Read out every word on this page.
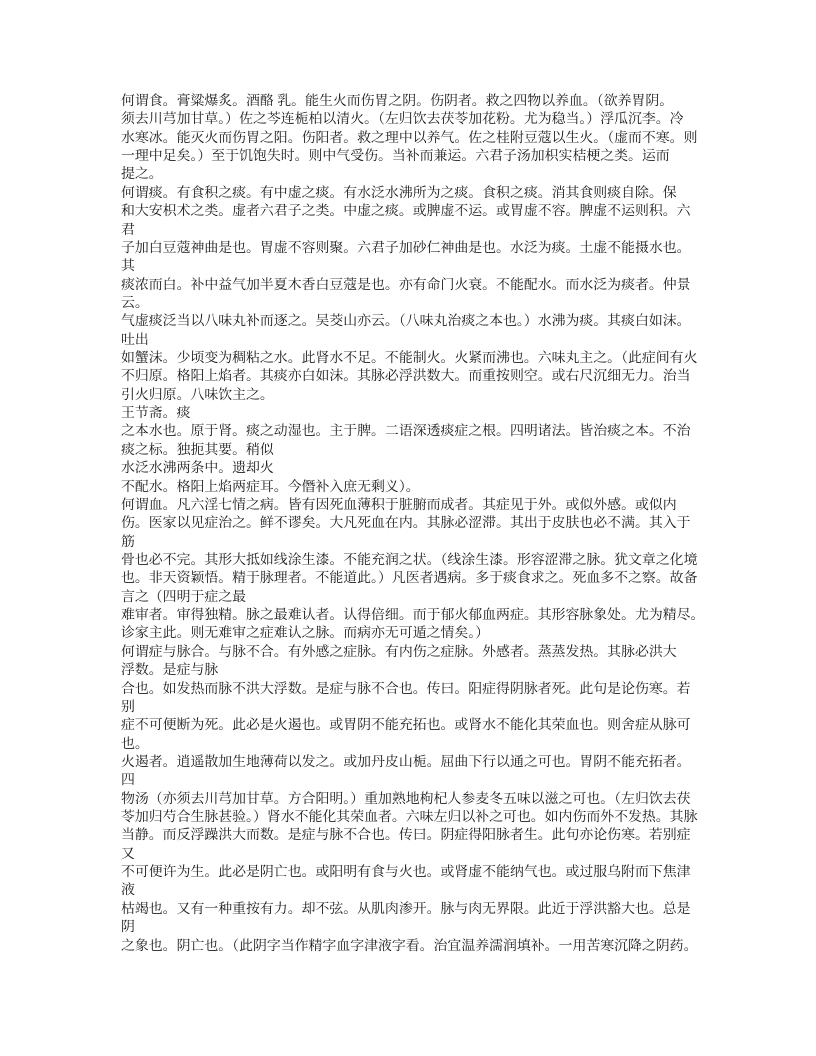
何谓食。膏粱爆炙。酒酪 乳。能生火而伤胃之阴。伤阴者。救之四物以养血。（欲养胃阴。
须去川芎加甘草。）佐之芩连栀柏以清火。（左归饮去茯苓加花粉。尤为稳当。）浮瓜沉李。冷
水寒冰。能灭火而伤胃之阳。伤阳者。救之理中以养气。佐之桂附豆蔻以生火。（虚而不寒。则
一理中足矣。）至于饥饱失时。则中气受伤。当补而兼运。六君子汤加枳实桔梗之类。运而
提之。
何谓痰。有食积之痰。有中虚之痰。有水泛水沸所为之痰。食积之痰。消其食则痰自除。保
和大安枳术之类。虚者六君子之类。中虚之痰。或脾虚不运。或胃虚不容。脾虚不运则积。六
君
子加白豆蔻神曲是也。胃虚不容则聚。六君子加砂仁神曲是也。水泛为痰。土虚不能摄水也。
其
痰浓而白。补中益气加半夏木香白豆蔻是也。亦有命门火衰。不能配水。而水泛为痰者。仲景
云。
气虚痰泛当以八味丸补而逐之。吴茭山亦云。（八味丸治痰之本也。）水沸为痰。其痰白如沫。
吐出
如蟹沫。少顷变为稠粘之水。此肾水不足。不能制火。火紧而沸也。六味丸主之。（此症间有火
不归原。格阳上焰者。其痰亦白如沫。其脉必浮洪数大。而重按则空。或右尺沉细无力。治当
引火归原。八味饮主之。
王节斋。痰
之本水也。原于肾。痰之动湿也。主于脾。二语深透痰症之根。四明诸法。皆治痰之本。不治
痰之标。独扼其要。稍似
水泛水沸两条中。遗却火
不配水。格阳上焰两症耳。今僭补入庶无剩义）。
何谓血。凡六淫七情之病。皆有因死血薄积于脏腑而成者。其症见于外。或似外感。或似内
伤。医家以见症治之。鲜不谬矣。大凡死血在内。其脉必涩滞。其出于皮肤也必不满。其入于
筋
骨也必不完。其形大抵如线涂生漆。不能充润之状。（线涂生漆。形容涩滞之脉。犹文章之化境
也。非天资颖悟。精于脉理者。不能道此。）凡医者遇病。多于痰食求之。死血多不之察。故备
言之（四明于症之最
难审者。审得独精。脉之最难认者。认得倍细。而于郁火郁血两症。其形容脉象处。尤为精尽。
诊家主此。则无难审之症难认之脉。而病亦无可遁之情矣。）
何谓症与脉合。与脉不合。有外感之症脉。有内伤之症脉。外感者。蒸蒸发热。其脉必洪大
浮数。是症与脉
合也。如发热而脉不洪大浮数。是症与脉不合也。传曰。阳症得阴脉者死。此句是论伤寒。若
别
症不可便断为死。此必是火遏也。或胃阴不能充拓也。或肾水不能化其荣血也。则舍症从脉可
也。
火遏者。逍遥散加生地薄荷以发之。或加丹皮山栀。屈曲下行以通之可也。胃阴不能充拓者。
四
物汤（亦须去川芎加甘草。方合阳明。）重加熟地枸杞人参麦冬五味以滋之可也。（左归饮去茯
苓加归芍合生脉甚验。）肾水不能化其荣血者。六味左归以补之可也。如内伤而外不发热。其脉
当静。而反浮躁洪大而数。是症与脉不合也。传曰。阴症得阳脉者生。此句亦论伤寒。若别症
又
不可便许为生。此必是阴亡也。或阳明有食与火也。或肾虚不能纳气也。或过服乌附而下焦津
液
枯竭也。又有一种重按有力。却不弦。从肌肉渗开。脉与肉无界限。此近于浮洪豁大也。总是
阴
之象也。阴亡也。（此阴字当作精字血字津液字看。治宜温养濡润填补。一用苦寒沉降之阴药。
